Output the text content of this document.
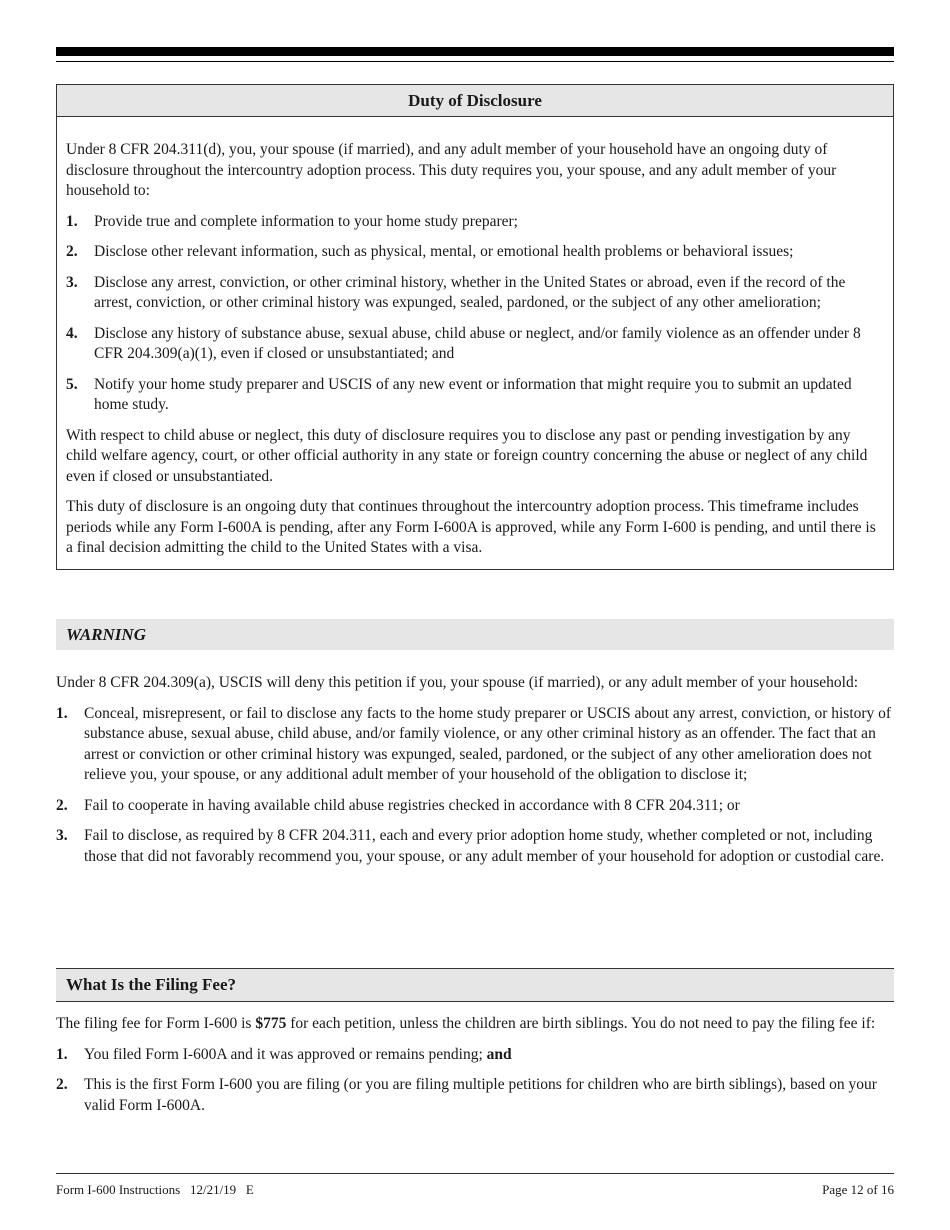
Duty of Disclosure

Under 8 CFR 204.311(d), you, your spouse (if married), and any adult member of your household have an ongoing duty of disclosure throughout the intercountry adoption process. This duty requires you, your spouse, and any adult member of your household to:

1.	Provide true and complete information to your home study preparer;
2.	Disclose other relevant information, such as physical, mental, or emotional health problems or behavioral issues;
3.	Disclose any arrest, conviction, or other criminal history, whether in the United States or abroad, even if the record of the arrest, conviction, or other criminal history was expunged, sealed, pardoned, or the subject of any other amelioration;
4.	Disclose any history of substance abuse, sexual abuse, child abuse or neglect, and/or family violence as an offender under 8 CFR 204.309(a)(1), even if closed or unsubstantiated; and
5.	Notify your home study preparer and USCIS of any new event or information that might require you to submit an updated home study.

With respect to child abuse or neglect, this duty of disclosure requires you to disclose any past or pending investigation by any child welfare agency, court, or other official authority in any state or foreign country concerning the abuse or neglect of any child even if closed or unsubstantiated.

This duty of disclosure is an ongoing duty that continues throughout the intercountry adoption process. This timeframe includes periods while any Form I-600A is pending, after any Form I-600A is approved, while any Form I-600 is pending, and until there is a final decision admitting the child to the United States with a visa.

WARNING

Under 8 CFR 204.309(a), USCIS will deny this petition if you, your spouse (if married), or any adult member of your household:

1.	Conceal, misrepresent, or fail to disclose any facts to the home study preparer or USCIS about any arrest, conviction, or history of substance abuse, sexual abuse, child abuse, and/or family violence, or any other criminal history as an offender. The fact that an arrest or conviction or other criminal history was expunged, sealed, pardoned, or the subject of any other amelioration does not relieve you, your spouse, or any additional adult member of your household of the obligation to disclose it;
2.	Fail to cooperate in having available child abuse registries checked in accordance with 8 CFR 204.311; or
3.	Fail to disclose, as required by 8 CFR 204.311, each and every prior adoption home study, whether completed or not, including those that did not favorably recommend you, your spouse, or any adult member of your household for adoption or custodial care.
What Is the Filing Fee?

The filing fee for Form I-600 is $775 for each petition, unless the children are birth siblings. You do not need to pay the filing fee if:

1.	You filed Form I-600A and it was approved or remains pending; and
2.	This is the first Form I-600 you are filing (or you are filing multiple petitions for children who are birth siblings), based on your valid Form I-600A.
Form I-600 Instructions   12/21/19   E	Page 12 of 16
